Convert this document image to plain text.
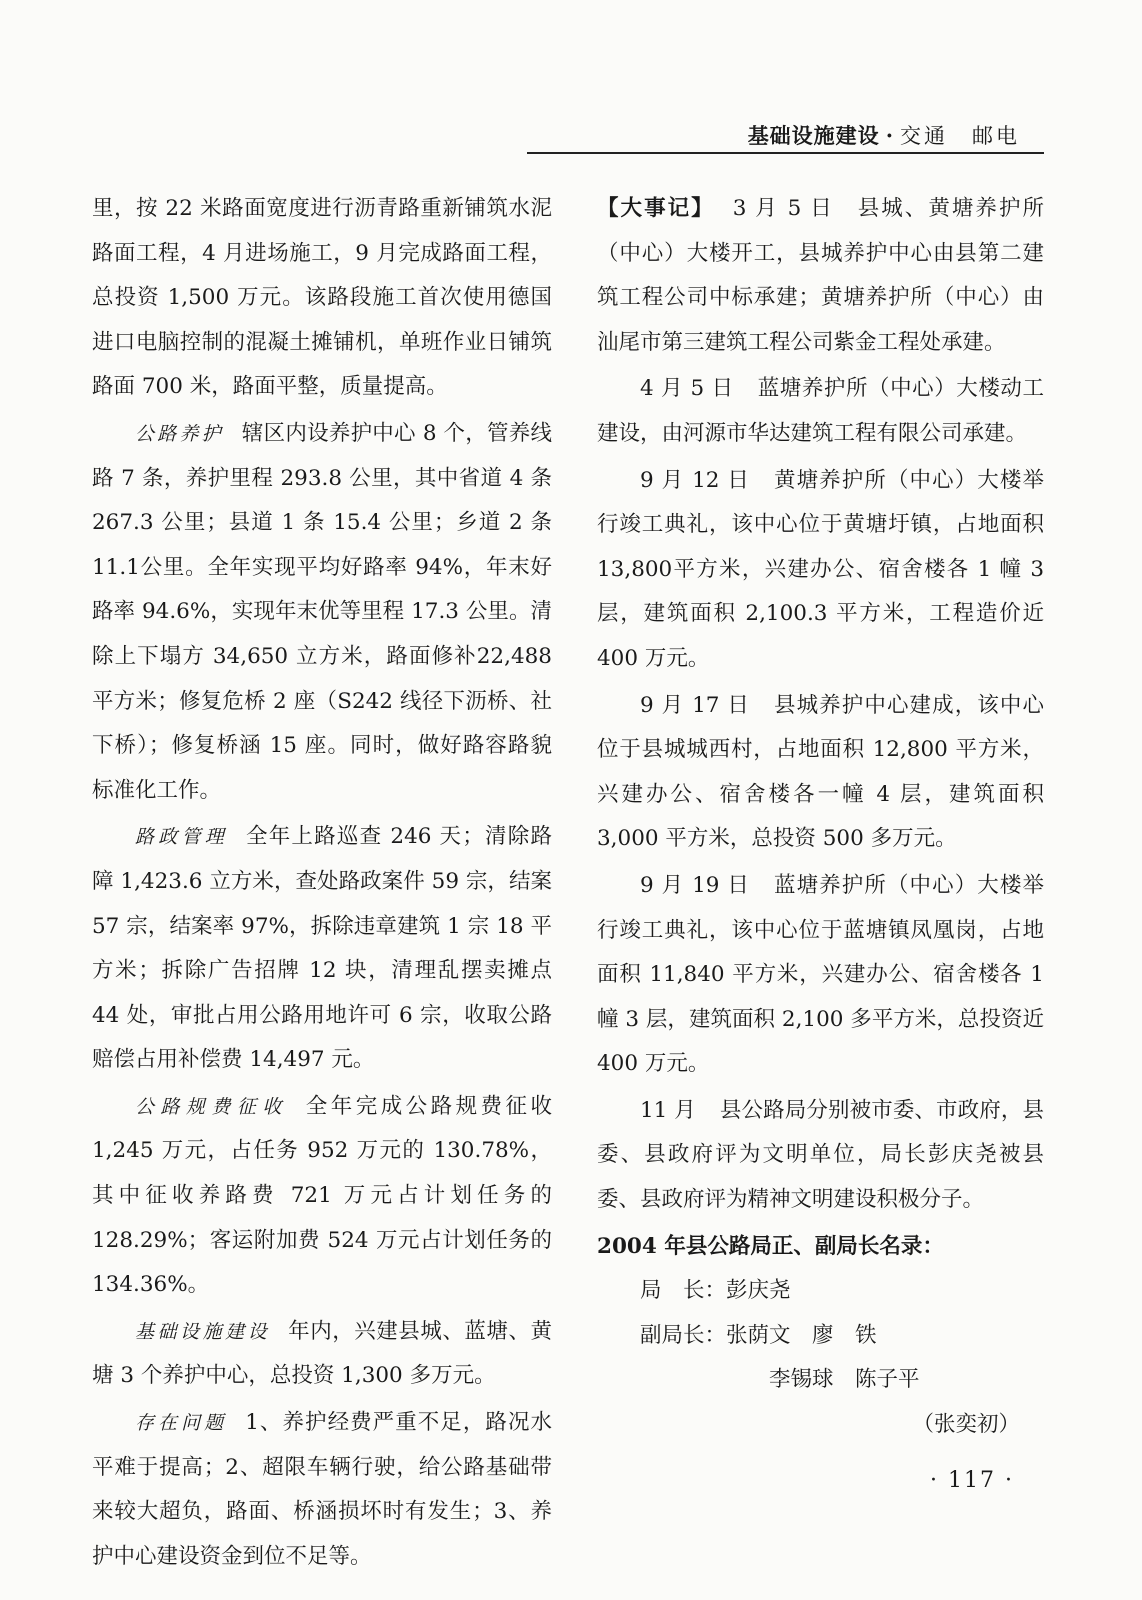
基础设施建设 · 交通　邮电

里，按 22 米路面宽度进行沥青路重新铺筑水泥路面工程，4 月进场施工，9 月完成路面工程，总投资 1,500 万元。该路段施工首次使用德国进口电脑控制的混凝土摊铺机，单班作业日铺筑路面 700 米，路面平整，质量提高。

公路养护 辖区内设养护中心 8 个，管养线路 7 条，养护里程 293.8 公里，其中省道 4 条 267.3 公里；县道 1 条 15.4 公里；乡道 2 条 11.1公里。全年实现平均好路率 94%，年末好路率 94.6%，实现年末优等里程 17.3 公里。清除上下塌方 34,650 立方米，路面修补22,488 平方米；修复危桥 2 座（S242 线径下沥桥、社下桥）；修复桥涵 15 座。同时，做好路容路貌标准化工作。

路政管理 全年上路巡查 246 天；清除路障 1,423.6 立方米，查处路政案件 59 宗，结案 57 宗，结案率 97%，拆除违章建筑 1 宗 18 平方米；拆除广告招牌 12 块，清理乱摆卖摊点 44 处，审批占用公路用地许可 6 宗，收取公路赔偿占用补偿费 14,497 元。

公路规费征收 全年完成公路规费征收 1,245 万元，占任务 952 万元的 130.78%，其中征收养路费 721 万元占计划任务的 128.29%；客运附加费 524 万元占计划任务的 134.36%。

基础设施建设 年内，兴建县城、蓝塘、黄塘 3 个养护中心，总投资 1,300 多万元。

存在问题 1、养护经费严重不足，路况水平难于提高；2、超限车辆行驶，给公路基础带来较大超负，路面、桥涵损坏时有发生；3、养护中心建设资金到位不足等。

【大事记】 3 月 5 日 县城、黄塘养护所（中心）大楼开工，县城养护中心由县第二建筑工程公司中标承建；黄塘养护所（中心）由汕尾市第三建筑工程公司紫金工程处承建。

4 月 5 日 蓝塘养护所（中心）大楼动工建设，由河源市华达建筑工程有限公司承建。

9 月 12 日 黄塘养护所（中心）大楼举行竣工典礼，该中心位于黄塘圩镇，占地面积 13,800平方米，兴建办公、宿舍楼各 1 幢 3 层，建筑面积 2,100.3 平方米，工程造价近 400 万元。

9 月 17 日 县城养护中心建成，该中心位于县城城西村，占地面积 12,800 平方米，兴建办公、宿舍楼各一幢 4 层，建筑面积 3,000 平方米，总投资 500 多万元。

9 月 19 日 蓝塘养护所（中心）大楼举行竣工典礼，该中心位于蓝塘镇凤凰岗，占地面积 11,840 平方米，兴建办公、宿舍楼各 1 幢 3 层，建筑面积 2,100 多平方米，总投资近 400 万元。

11 月 县公路局分别被市委、市政府，县委、县政府评为文明单位，局长彭庆尧被县委、县政府评为精神文明建设积极分子。

2004 年县公路局正、副局长名录：
局　长：彭庆尧
副局长：张荫文　廖　铁
李锡球　陈子平
（张奕初）
· 117 ·
